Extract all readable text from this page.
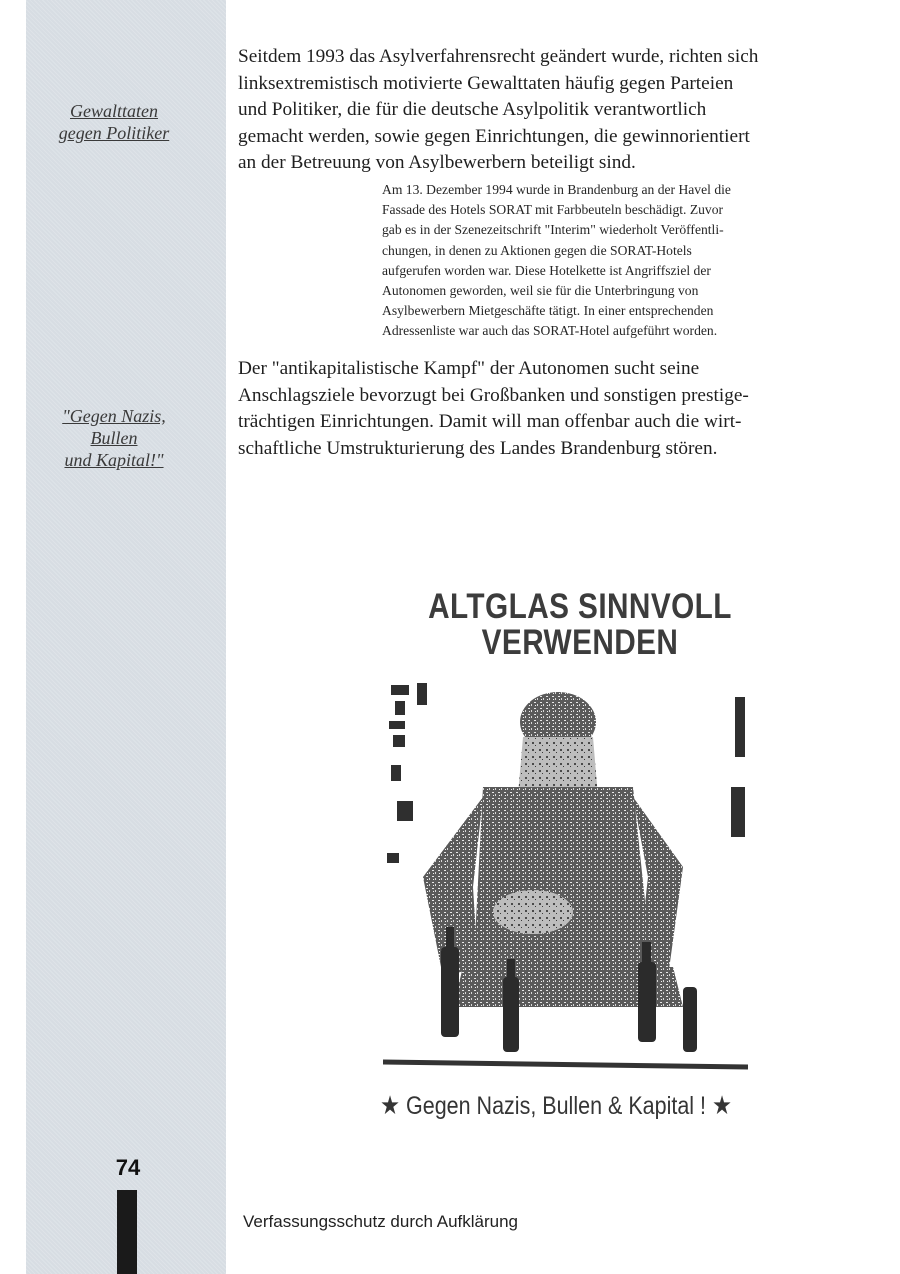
Gewalttaten
gegen Politiker
"Gegen Nazis,
Bullen
und Kapital!"
Seitdem 1993 das Asylverfahrensrecht geändert wurde, richten sich
linksextremistisch motivierte Gewalttaten häufig gegen Parteien
und Politiker, die für die deutsche Asylpolitik verantwortlich
gemacht werden, sowie gegen Einrichtungen, die gewinnorientiert
an der Betreuung von Asylbewerbern beteiligt sind.
Am 13. Dezember 1994 wurde in Brandenburg an der Havel die
Fassade des Hotels SORAT mit Farbbeuteln beschädigt. Zuvor
gab es in der Szenezeitschrift "Interim" wiederholt Veröffentli-
chungen, in denen zu Aktionen gegen die SORAT-Hotels
aufgerufen worden war. Diese Hotelkette ist Angriffsziel der
Autonomen geworden, weil sie für die Unterbringung von
Asylbewerbern Mietgeschäfte tätigt. In einer entsprechenden
Adressenliste war auch das SORAT-Hotel aufgeführt worden.
Der "antikapitalistische Kampf" der Autonomen sucht seine
Anschlagsziele bevorzugt bei Großbanken und sonstigen prestige-
trächtigen Einrichtungen. Damit will man offenbar auch die wirt-
schaftliche Umstrukturierung des Landes Brandenburg stören.
ALTGLAS SINNVOLL
VERWENDEN
★ Gegen Nazis, Bullen & Kapital ! ★
74
Verfassungsschutz durch Aufklärung
